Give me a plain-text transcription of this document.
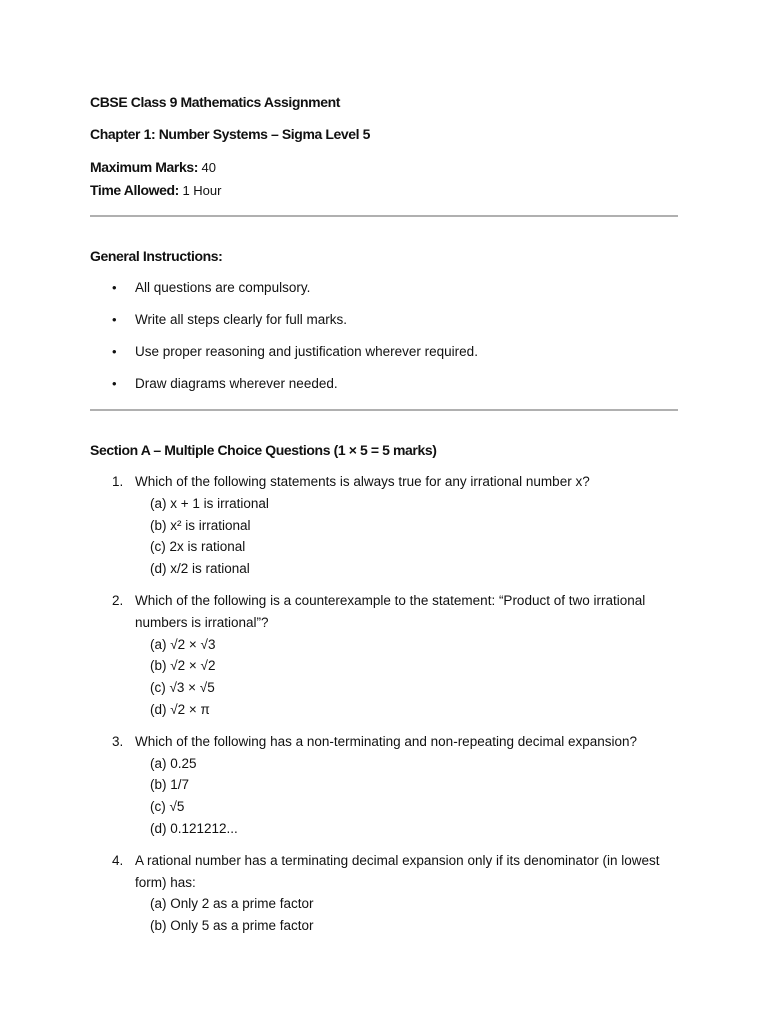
CBSE Class 9 Mathematics Assignment

Chapter 1: Number Systems – Sigma Level 5

Maximum Marks: 40

Time Allowed: 1 Hour

General Instructions:

• All questions are compulsory.
• Write all steps clearly for full marks.
• Use proper reasoning and justification wherever required.
• Draw diagrams wherever needed.

Section A – Multiple Choice Questions (1 × 5 = 5 marks)

1. Which of the following statements is always true for any irrational number x?
(a) x + 1 is irrational
(b) x² is irrational
(c) 2x is rational
(d) x/2 is rational
2. Which of the following is a counterexample to the statement: “Product of two irrational numbers is irrational”?
(a) √2 × √3
(b) √2 × √2
(c) √3 × √5
(d) √2 × π
3. Which of the following has a non-terminating and non-repeating decimal expansion?
(a) 0.25
(b) 1/7
(c) √5
(d) 0.121212...
4. A rational number has a terminating decimal expansion only if its denominator (in lowest form) has:
(a) Only 2 as a prime factor
(b) Only 5 as a prime factor
